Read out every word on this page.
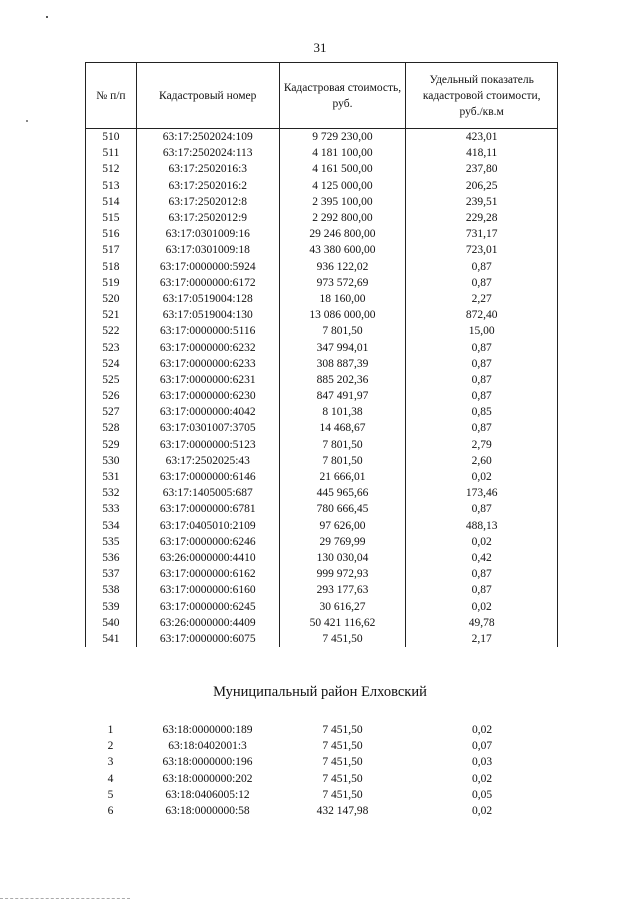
31
№ п/п	Кадастровый номер	Кадастровая стоимость, руб.	Удельный показатель кадастровой стоимости, руб./кв.м
510	63:17:2502024:109	9 729 230,00	423,01
511	63:17:2502024:113	4 181 100,00	418,11
512	63:17:2502016:3	4 161 500,00	237,80
513	63:17:2502016:2	4 125 000,00	206,25
514	63:17:2502012:8	2 395 100,00	239,51
515	63:17:2502012:9	2 292 800,00	229,28
516	63:17:0301009:16	29 246 800,00	731,17
517	63:17:0301009:18	43 380 600,00	723,01
518	63:17:0000000:5924	936 122,02	0,87
519	63:17:0000000:6172	973 572,69	0,87
520	63:17:0519004:128	18 160,00	2,27
521	63:17:0519004:130	13 086 000,00	872,40
522	63:17:0000000:5116	7 801,50	15,00
523	63:17:0000000:6232	347 994,01	0,87
524	63:17:0000000:6233	308 887,39	0,87
525	63:17:0000000:6231	885 202,36	0,87
526	63:17:0000000:6230	847 491,97	0,87
527	63:17:0000000:4042	8 101,38	0,85
528	63:17:0301007:3705	14 468,67	0,87
529	63:17:0000000:5123	7 801,50	2,79
530	63:17:2502025:43	7 801,50	2,60
531	63:17:0000000:6146	21 666,01	0,02
532	63:17:1405005:687	445 965,66	173,46
533	63:17:0000000:6781	780 666,45	0,87
534	63:17:0405010:2109	97 626,00	488,13
535	63:17:0000000:6246	29 769,99	0,02
536	63:26:0000000:4410	130 030,04	0,42
537	63:17:0000000:6162	999 972,93	0,87
538	63:17:0000000:6160	293 177,63	0,87
539	63:17:0000000:6245	30 616,27	0,02
540	63:26:0000000:4409	50 421 116,62	49,78
541	63:17:0000000:6075	7 451,50	2,17
Муниципальный район Елховский
1	63:18:0000000:189	7 451,50	0,02
2	63:18:0402001:3	7 451,50	0,07
3	63:18:0000000:196	7 451,50	0,03
4	63:18:0000000:202	7 451,50	0,02
5	63:18:0406005:12	7 451,50	0,05
6	63:18:0000000:58	432 147,98	0,02
